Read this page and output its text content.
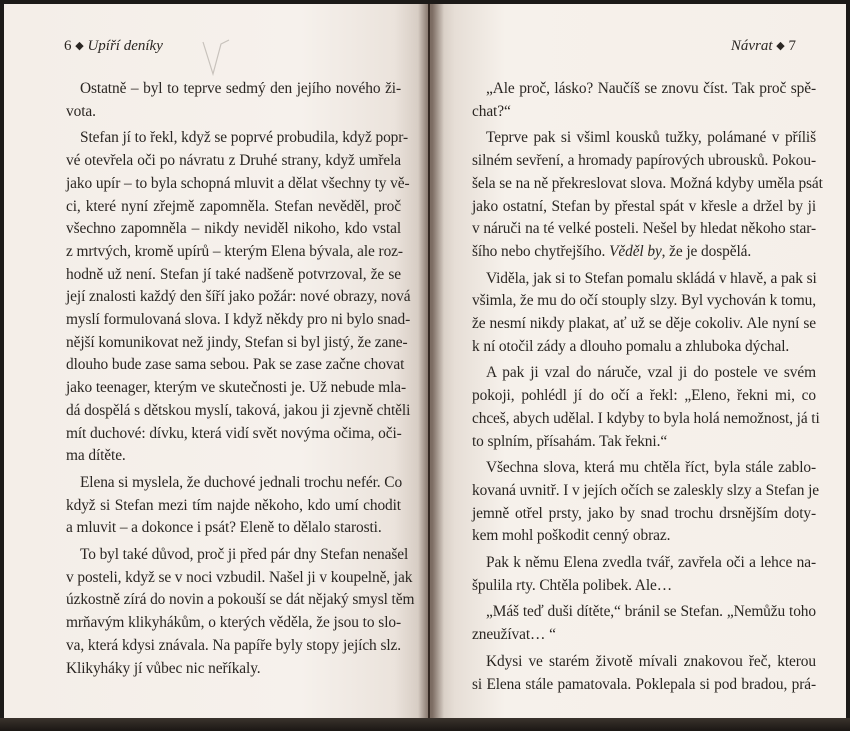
6 ◆ Upíří deníky
Ostatně – byl to teprve sedmý den jejího nového ži-
vota.
Stefan jí to řekl, když se poprvé probudila, když popr-
vé otevřela oči po návratu z Druhé strany, když umřela
jako upír – to byla schopná mluvit a dělat všechny ty vě-
ci, které nyní zřejmě zapomněla. Stefan nevěděl, proč
všechno zapomněla – nikdy neviděl nikoho, kdo vstal
z mrtvých, kromě upírů – kterým Elena bývala, ale roz-
hodně už není. Stefan jí také nadšeně potvrzoval, že se
její znalosti každý den šíří jako požár: nové obrazy, nová
myslí formulovaná slova. I když někdy pro ni bylo snad-
nější komunikovat než jindy, Stefan si byl jistý, že zane-
dlouho bude zase sama sebou. Pak se zase začne chovat
jako teenager, kterým ve skutečnosti je. Už nebude mla-
dá dospělá s dětskou myslí, taková, jakou ji zjevně chtěli
mít duchové: dívku, která vidí svět novýma očima, oči-
ma dítěte.
Elena si myslela, že duchové jednali trochu nefér. Co
když si Stefan mezi tím najde někoho, kdo umí chodit
a mluvit – a dokonce i psát? Eleně to dělalo starosti.
To byl také důvod, proč ji před pár dny Stefan nenašel
v posteli, když se v noci vzbudil. Našel ji v koupelně, jak
úzkostně zírá do novin a pokouší se dát nějaký smysl těm
mrňavým klikyhákům, o kterých věděla, že jsou to slo-
va, která kdysi znávala. Na papíře byly stopy jejích slz.
Klikyháky jí vůbec nic neříkaly.
Návrat ◆ 7
„Ale proč, lásko? Naučíš se znovu číst. Tak proč spě-
chat?“
Teprve pak si všiml kousků tužky, polámané v příliš
silném sevření, a hromady papírových ubrousků. Pokou-
šela se na ně překreslovat slova. Možná kdyby uměla psát
jako ostatní, Stefan by přestal spát v křesle a držel by ji
v náruči na té velké posteli. Nešel by hledat někoho star-
šího nebo chytřejšího. Věděl by, že je dospělá.
Viděla, jak si to Stefan pomalu skládá v hlavě, a pak si
všimla, že mu do očí stouply slzy. Byl vychován k tomu,
že nesmí nikdy plakat, ať už se děje cokoliv. Ale nyní se
k ní otočil zády a dlouho pomalu a zhluboka dýchal.
A pak ji vzal do náruče, vzal ji do postele ve svém
pokoji, pohlédl jí do očí a řekl: „Eleno, řekni mi, co
chceš, abych udělal. I kdyby to byla holá nemožnost, já ti
to splním, přísahám. Tak řekni.“
Všechna slova, která mu chtěla říct, byla stále zablo-
kovaná uvnitř. I v jejích očích se zaleskly slzy a Stefan je
jemně otřel prsty, jako by snad trochu drsnějším doty-
kem mohl poškodit cenný obraz.
Pak k němu Elena zvedla tvář, zavřela oči a lehce na-
špulila rty. Chtěla polibek. Ale…
„Máš teď duši dítěte,“ bránil se Stefan. „Nemůžu toho
zneužívat… “
Kdysi ve starém životě mívali znakovou řeč, kterou
si Elena stále pamatovala. Poklepala si pod bradou, prá-
